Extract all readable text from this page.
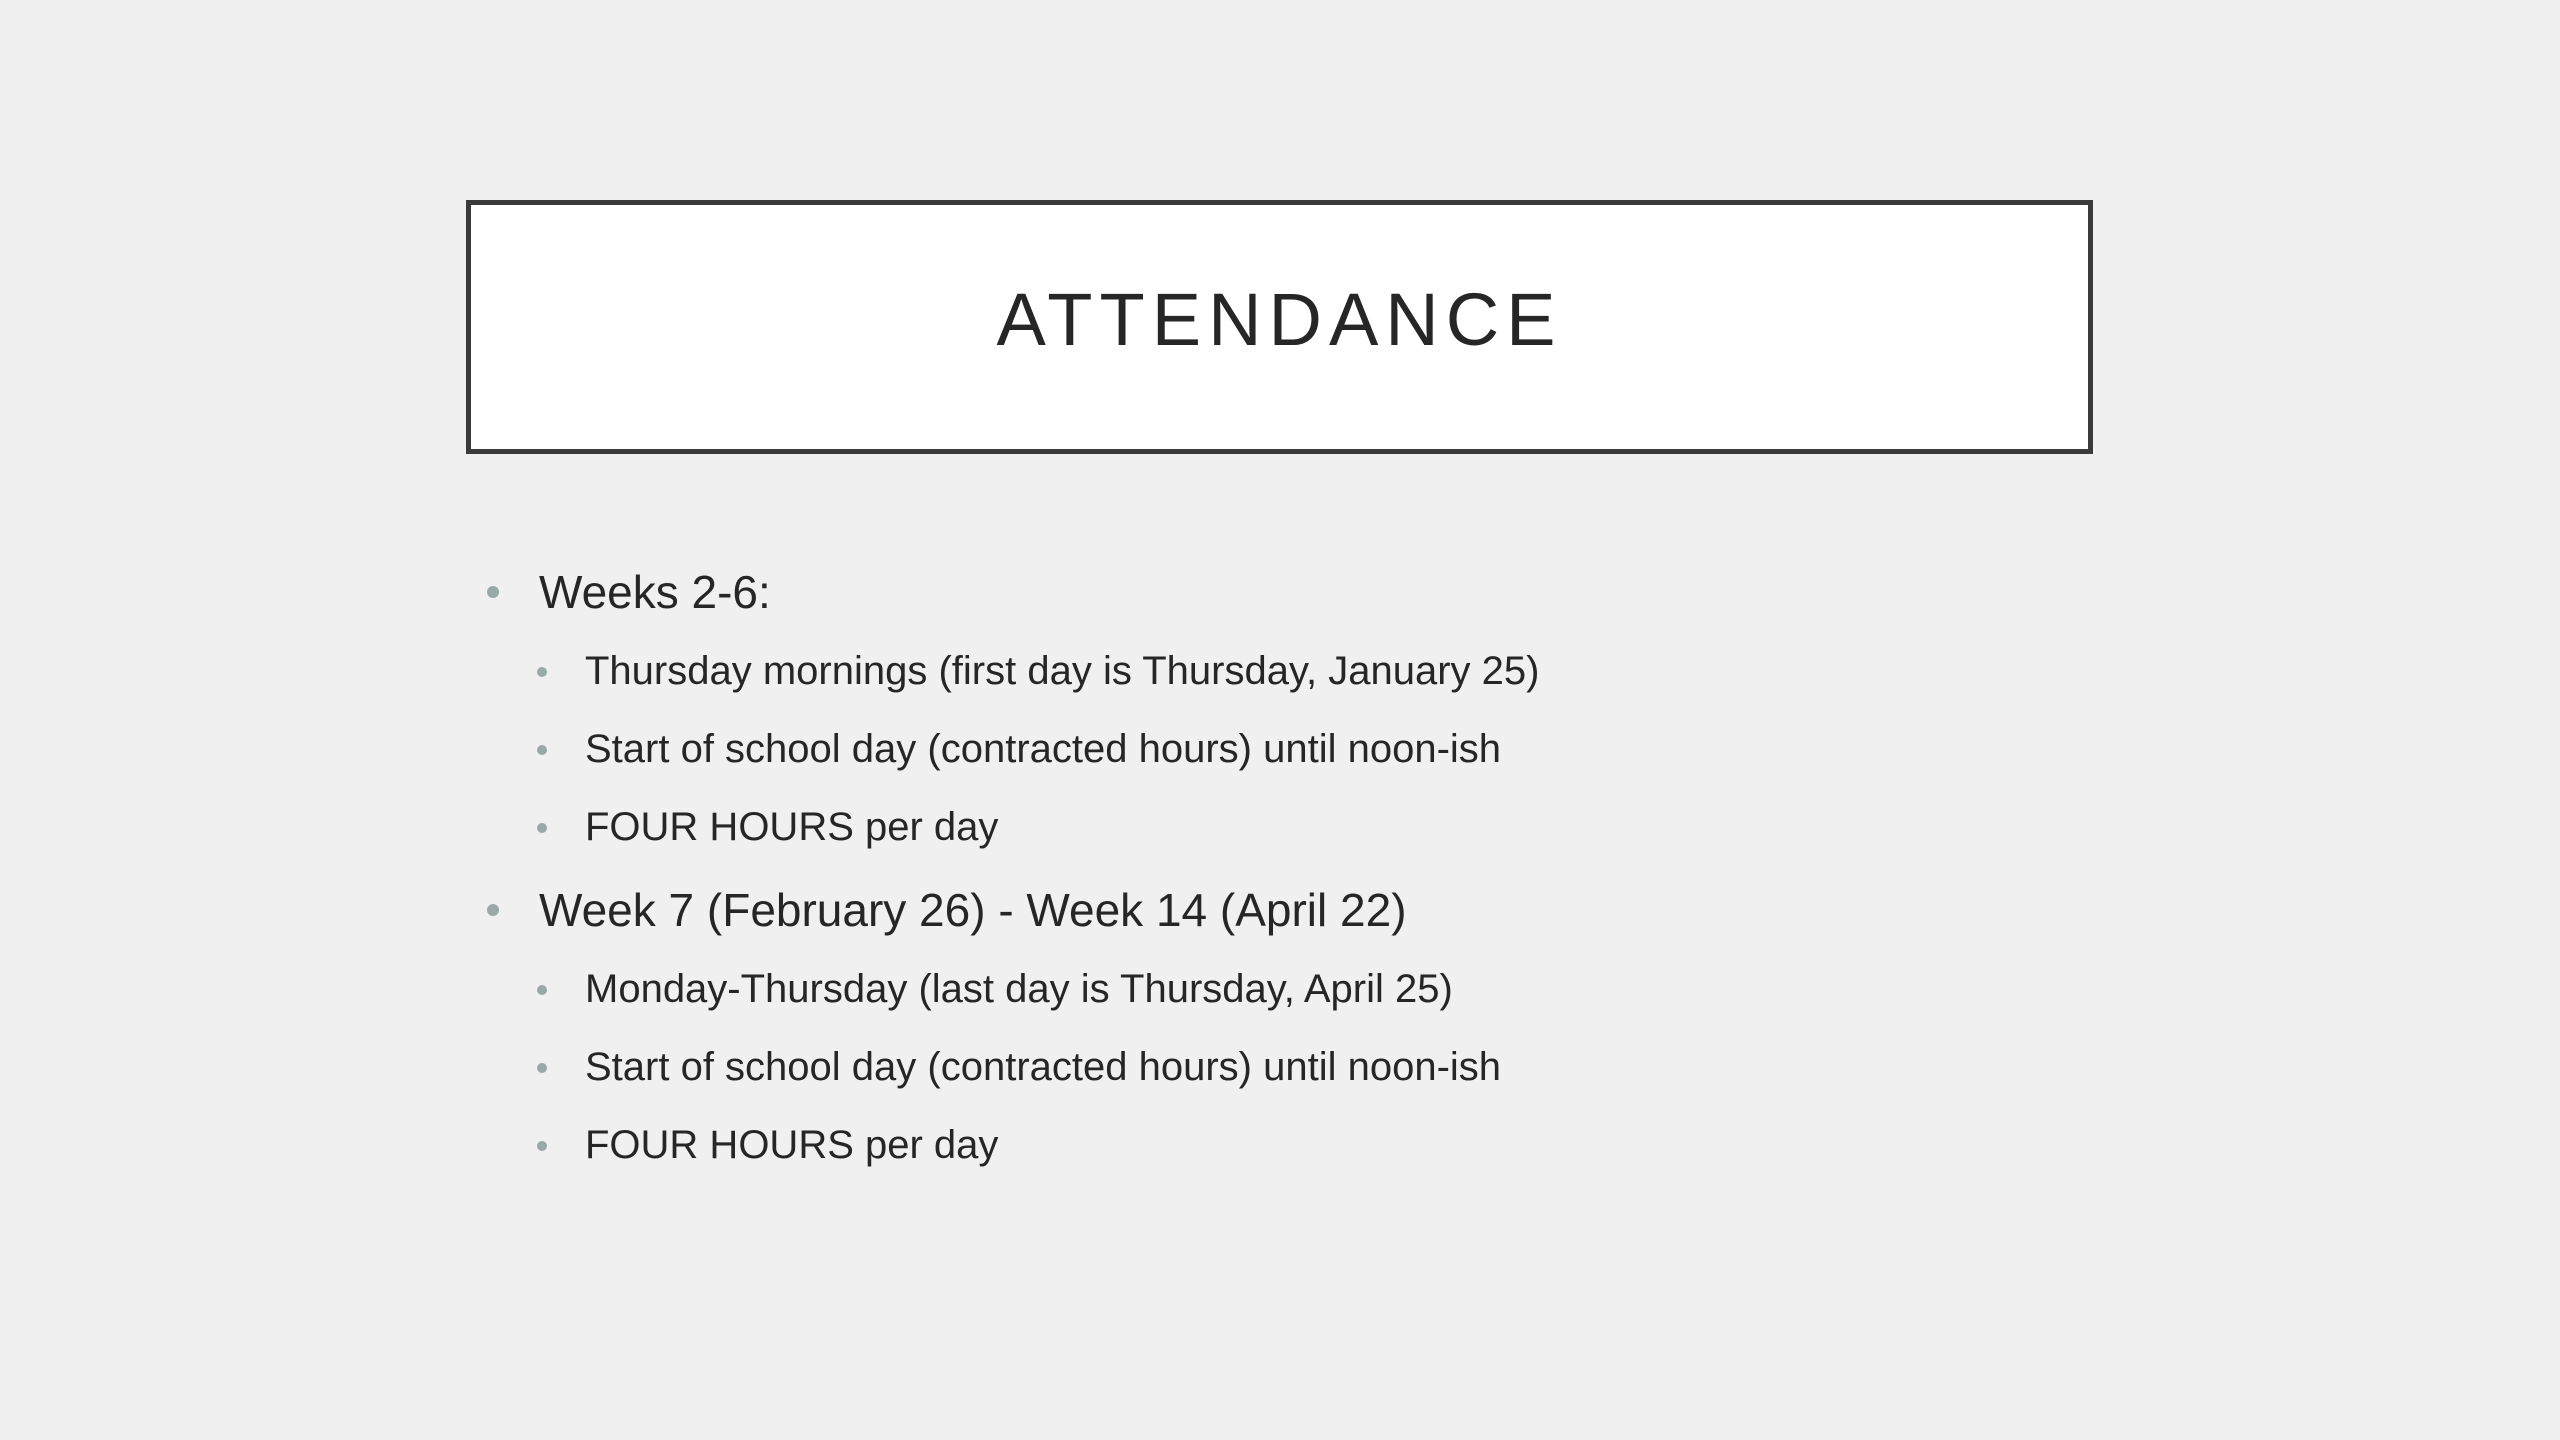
ATTENDANCE
Weeks 2-6:
Thursday mornings (first day is Thursday, January 25)
Start of school day (contracted hours) until noon-ish
FOUR HOURS per day
Week 7 (February 26) - Week 14 (April 22)
Monday-Thursday (last day is Thursday, April 25)
Start of school day (contracted hours) until noon-ish
FOUR HOURS per day
